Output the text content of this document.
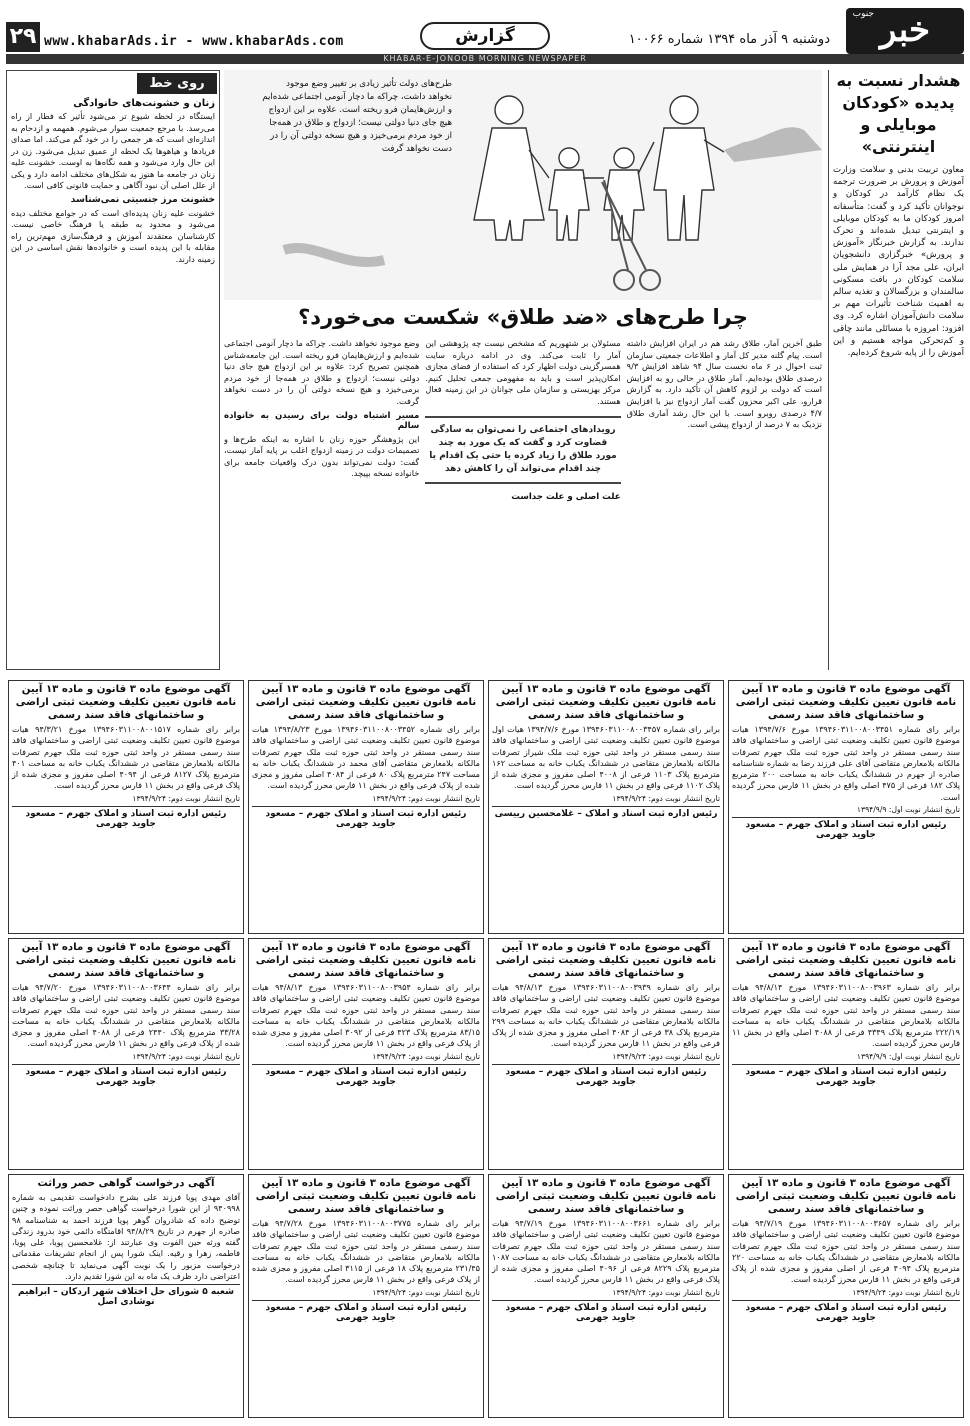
۲۹ www.khabarAds.ir - www.khabarAds.com	گزارش	دوشنبه ۹ آذر ماه ۱۳۹۴ شماره ۱۰۰۶۶	خبر
جنوب
KHABAR-E-JONOOB MORNING NEWSPAPER
هشدار نسبت به پدیده «کودکان موبایلی و اینترنتی»

معاون تربیت بدنی و سلامت وزارت آموزش و پرورش بر ضرورت ترجمه یک نظام کارآمد در کودکان و نوجوانان تأکید کرد و گفت: متأسفانه امروز کودکان ما به کودکان موبایلی و اینترنتی تبدیل شده‌اند و تحرک ندارند. به گزارش خبرنگار «آموزش و پرورش» خبرگزاری دانشجویان ایران، علی مجد آرا در همایش ملی سلامت کودکان در بافت مسکونی سالمندان و بزرگسالان و تغذیه سالم به اهمیت شناخت تأثیرات مهم بر سلامت دانش‌آموزان اشاره کرد. وی افزود: امروزه با مسائلی مانند چاقی و کم‌تحرکی مواجه هستیم و این آموزش را از پایه شروع کرده‌ایم.

طرح‌های دولت تأثیر زیادی بر تغییر وضع موجود نخواهد داشت، چراکه ما دچار آنومی اجتماعی شده‌ایم و ارزش‌هایمان فرو ریخته است. علاوه بر این ازدواج هیچ جای دنیا دولتی نیست؛ ازدواج و طلاق در همه‌جا از خود مردم برمی‌خیزد و هیچ نسخه دولتی آن را در دست نخواهد گرفت
چرا طرح‌های «ضد طلاق» شکست می‌خورد؟

طبق آخرین آمار، طلاق رشد هم در ایران افزایش داشته است. پیام گلنه مدیر کل آمار و اطلاعات جمعیتی سازمان ثبت احوال در ۶ ماه نخست سال ۹۴ شاهد افزایش ۹/۳ درصدی طلاق بوده‌ایم. آمار طلاق در حالی رو به افزایش است که دولت بر لزوم کاهش آن تأکید دارد. به گزارش قرارو، علی اکبر محزون گفت آمار ازدواج نیز با افزایش ۴/۷ درصدی روبرو است. با این حال رشد آماری طلاق نزدیک به ۷ درصد از ازدواج پیشی است.

مسئولان بر شتهوریم که مشخص نیست چه پژوهشی این آمار را ثابت می‌کند. وی در ادامه درباره سایت همسرگزینی دولت اظهار کرد که استفاده از فضای مجازی امکان‌پذیر است و باید به مفهومی جمعی تحلیل کنیم. مرکز بهزیستی و سازمان ملی جوانان در این زمینه فعال هستند.

رویدادهای اجتماعی را نمی‌توان به سادگی قضاوت کرد و گفت که یک مورد به چند مورد طلاق را زیاد کرده یا حتی یک اقدام یا چند اقدام می‌تواند آن را کاهش دهد
علت اصلی و علت جداست

وضع موجود نخواهد داشت. چراکه ما دچار آنومی اجتماعی شده‌ایم و ارزش‌هایمان فرو ریخته است. این جامعه‌شناس همچنین تصریح کرد: علاوه بر این ازدواج هیچ جای دنیا دولتی نیست؛ ازدواج و طلاق در همه‌جا از خود مردم برمی‌خیزد و هیچ نسخه دولتی آن را در دست نخواهد گرفت.

مسیر اشتباه دولت برای رسیدن به خانواده سالم

این پژوهشگر حوزه زنان با اشاره به اینکه طرح‌ها و تصمیمات دولت در زمینه ازدواج اغلب بر پایه آمار نیست، گفت: دولت نمی‌تواند بدون درک واقعیات جامعه برای خانواده نسخه بپیچد.

روی خط
زنان و خشونت‌های خانوادگی

ایستگاه در لحظه شیوع تر می‌شود تأثیر که فطار از راه می‌رسد. با مرجع جمعیت سوار می‌شوم. همهمه و ازدحام به اندازه‌ای است که هر جمعی را در خود گم می‌کند. اما صدای فریادها و هیاهوها یک لحظه از عمیق تبدیل می‌شود. زن در این حال وارد می‌شود و همه نگاه‌ها به اوست. خشونت علیه زنان در جامعه ما هنوز به شکل‌های مختلف ادامه دارد و یکی از علل اصلی آن نبود آگاهی و حمایت قانونی کافی است.

خشونت مرز جنسیتی نمی‌شناسد

خشونت علیه زنان پدیده‌ای است که در جوامع مختلف دیده می‌شود و محدود به طبقه یا فرهنگ خاصی نیست. کارشناسان معتقدند آموزش و فرهنگ‌سازی مهم‌ترین راه مقابله با این پدیده است و خانواده‌ها نقش اساسی در این زمینه دارند.

آگهی موضوع ماده ۳ قانون و ماده ۱۳ آیین نامه قانون تعیین تکلیف وضعیت ثبتی اراضی و ساختمانهای فاقد سند رسمی
برابر رای شماره ۱۳۹۴۶۰۳۱۱۰۰۸۰۰۳۴۵۱ مورخ ۱۳۹۴/۷/۶ هیات موضوع قانون تعیین تکلیف وضعیت ثبتی اراضی و ساختمانهای فاقد سند رسمی مستقر در واحد ثبتی حوزه ثبت ملک جهرم تصرفات مالکانه بلامعارض متقاضی آقای علی فرزند رضا به شماره شناسنامه صادره از جهرم در ششدانگ یکباب خانه به مساحت ۲۰۰ مترمربع پلاک ۱۸۲ فرعی از ۴۷۵ اصلی واقع در بخش ۱۱ فارس محرز گردیده است.
تاریخ انتشار نوبت اول: ۱۳۹۴/۹/۹
رئیس اداره ثبت اسناد و املاک جهرم – مسعود جاوید جهرمی
آگهی موضوع ماده ۳ قانون و ماده ۱۳ آیین نامه قانون تعیین تکلیف وضعیت ثبتی اراضی و ساختمانهای فاقد سند رسمی
برابر رای شماره ۱۳۹۴۶۰۳۱۱۰۰۸۰۰۳۴۵۷ مورخ ۱۳۹۴/۷/۶ هیات اول موضوع قانون تعیین تکلیف وضعیت ثبتی اراضی و ساختمانهای فاقد سند رسمی مستقر در واحد ثبتی حوزه ثبت ملک شیراز تصرفات مالکانه بلامعارض متقاضی در ششدانگ یکباب خانه به مساحت ۱۶۲ مترمربع پلاک ۱۱۰۳ فرعی از ۴۰۰۸ اصلی مفروز و مجزی شده از پلاک ۱۱۰۲ فرعی واقع در بخش ۱۱ فارس محرز گردیده است.
تاریخ انتشار نوبت دوم: ۱۳۹۴/۹/۲۴
رئیس اداره ثبت اسناد و املاک – غلامحسین رییسی
آگهی موضوع ماده ۳ قانون و ماده ۱۳ آیین نامه قانون تعیین تکلیف وضعیت ثبتی اراضی و ساختمانهای فاقد سند رسمی
برابر رای شماره ۱۳۹۴۶۰۳۱۱۰۰۸۰۰۳۴۵۲ مورخ ۱۳۹۴/۸/۲۳ هیات موضوع قانون تعیین تکلیف وضعیت ثبتی اراضی و ساختمانهای فاقد سند رسمی مستقر در واحد ثبتی حوزه ثبت ملک جهرم تصرفات مالکانه بلامعارض متقاضی آقای محمد در ششدانگ یکباب خانه به مساحت ۲۴۷ مترمربع پلاک ۸۰ فرعی از ۴۰۸۴ اصلی مفروز و مجزی شده از پلاک فرعی واقع در بخش ۱۱ فارس محرز گردیده است.
تاریخ انتشار نوبت دوم: ۱۳۹۴/۹/۲۴
رئیس اداره ثبت اسناد و املاک جهرم – مسعود جاوید جهرمی
آگهی موضوع ماده ۳ قانون و ماده ۱۳ آیین نامه قانون تعیین تکلیف وضعیت ثبتی اراضی و ساختمانهای فاقد سند رسمی
برابر رای شماره ۱۳۹۴۶۰۳۱۱۰۰۸۰۰۱۵۱۷ مورخ ۹۴/۳/۲۱ هیات موضوع قانون تعیین تکلیف وضعیت ثبتی اراضی و ساختمانهای فاقد سند رسمی مستقر در واحد ثبتی حوزه ثبت ملک جهرم تصرفات مالکانه بلامعارض متقاضی در ششدانگ یکباب خانه به مساحت ۴۰۱ مترمربع پلاک ۸۱۲۷ فرعی از ۴۰۹۴ اصلی مفروز و مجزی شده از پلاک فرعی واقع در بخش ۱۱ فارس محرز گردیده است.
تاریخ انتشار نوبت دوم: ۱۳۹۴/۹/۲۴
رئیس اداره ثبت اسناد و املاک جهرم – مسعود جاوید جهرمی
آگهی موضوع ماده ۳ قانون و ماده ۱۳ آیین نامه قانون تعیین تکلیف وضعیت ثبتی اراضی و ساختمانهای فاقد سند رسمی
برابر رای شماره ۱۳۹۴۶۰۳۱۱۰۰۸۰۰۳۹۶۳ مورخ ۹۴/۸/۱۴ هیات موضوع قانون تعیین تکلیف وضعیت ثبتی اراضی و ساختمانهای فاقد سند رسمی مستقر در واحد ثبتی حوزه ثبت ملک جهرم تصرفات مالکانه بلامعارض متقاضی در ششدانگ یکباب خانه به مساحت ۲۲۲/۱۹ مترمربع پلاک ۴۳۴۹ فرعی از ۴۰۸۸ اصلی واقع در بخش ۱۱ فارس محرز گردیده است.
تاریخ انتشار نوبت اول: ۱۳۹۴/۹/۹
رئیس اداره ثبت اسناد و املاک جهرم – مسعود جاوید جهرمی
آگهی موضوع ماده ۳ قانون و ماده ۱۳ آیین نامه قانون تعیین تکلیف وضعیت ثبتی اراضی و ساختمانهای فاقد سند رسمی
برابر رای شماره ۱۳۹۴۶۰۳۱۱۰۰۸۰۰۳۹۳۹ مورخ ۹۴/۸/۱۳ هیات موضوع قانون تعیین تکلیف وضعیت ثبتی اراضی و ساختمانهای فاقد سند رسمی مستقر در واحد ثبتی حوزه ثبت ملک جهرم تصرفات مالکانه بلامعارض متقاضی در ششدانگ یکباب خانه به مساحت ۲۹۹ مترمربع پلاک ۳۸ فرعی از ۴۰۸۴ اصلی مفروز و مجزی شده از پلاک فرعی واقع در بخش ۱۱ فارس محرز گردیده است.
تاریخ انتشار نوبت دوم: ۱۳۹۴/۹/۲۴
رئیس اداره ثبت اسناد و املاک جهرم – مسعود جاوید جهرمی
آگهی موضوع ماده ۳ قانون و ماده ۱۳ آیین نامه قانون تعیین تکلیف وضعیت ثبتی اراضی و ساختمانهای فاقد سند رسمی
برابر رای شماره ۱۳۹۴۶۰۳۱۱۰۰۸۰۰۳۹۵۴ مورخ ۹۴/۸/۱۳ هیات موضوع قانون تعیین تکلیف وضعیت ثبتی اراضی و ساختمانهای فاقد سند رسمی مستقر در واحد ثبتی حوزه ثبت ملک جهرم تصرفات مالکانه بلامعارض متقاضی در ششدانگ یکباب خانه به مساحت ۸۳/۱۵ مترمربع پلاک ۴۲۳ فرعی از ۳۰۹۲ اصلی مفروز و مجزی شده از پلاک فرعی واقع در بخش ۱۱ فارس محرز گردیده است.
تاریخ انتشار نوبت دوم: ۱۳۹۴/۹/۲۴
رئیس اداره ثبت اسناد و املاک جهرم – مسعود جاوید جهرمی
آگهی موضوع ماده ۳ قانون و ماده ۱۳ آیین نامه قانون تعیین تکلیف وضعیت ثبتی اراضی و ساختمانهای فاقد سند رسمی
برابر رای شماره ۱۳۹۴۶۰۳۱۱۰۰۸۰۰۳۶۴۴ مورخ ۹۴/۷/۲۰ هیات موضوع قانون تعیین تکلیف وضعیت ثبتی اراضی و ساختمانهای فاقد سند رسمی مستقر در واحد ثبتی حوزه ثبت ملک جهرم تصرفات مالکانه بلامعارض متقاضی در ششدانگ یکباب خانه به مساحت ۳۳/۲۸ مترمربع پلاک ۲۴۴۰ فرعی از ۴۰۸۸ اصلی مفروز و مجزی شده از پلاک فرعی واقع در بخش ۱۱ فارس محرز گردیده است.
تاریخ انتشار نوبت دوم: ۱۳۹۴/۹/۲۴
رئیس اداره ثبت اسناد و املاک جهرم – مسعود جاوید جهرمی
آگهی موضوع ماده ۳ قانون و ماده ۱۳ آیین نامه قانون تعیین تکلیف وضعیت ثبتی اراضی و ساختمانهای فاقد سند رسمی
برابر رای شماره ۱۳۹۴۶۰۳۱۱۰۰۸۰۰۳۶۵۷ مورخ ۹۴/۷/۱۹ هیات موضوع قانون تعیین تکلیف وضعیت ثبتی اراضی و ساختمانهای فاقد سند رسمی مستقر در واحد ثبتی حوزه ثبت ملک جهرم تصرفات مالکانه بلامعارض متقاضی در ششدانگ یکباب خانه به مساحت ۲۲۰ مترمربع پلاک ۴۰۹۴ فرعی از اصلی مفروز و مجزی شده از پلاک فرعی واقع در بخش ۱۱ فارس محرز گردیده است.
تاریخ انتشار نوبت دوم: ۱۳۹۴/۹/۲۴
رئیس اداره ثبت اسناد و املاک جهرم – مسعود جاوید جهرمی
آگهی موضوع ماده ۳ قانون و ماده ۱۳ آیین نامه قانون تعیین تکلیف وضعیت ثبتی اراضی و ساختمانهای فاقد سند رسمی
برابر رای شماره ۱۳۹۴۶۰۳۱۱۰۰۸۰۰۳۶۶۱ مورخ ۹۴/۷/۱۹ هیات موضوع قانون تعیین تکلیف وضعیت ثبتی اراضی و ساختمانهای فاقد سند رسمی مستقر در واحد ثبتی حوزه ثبت ملک جهرم تصرفات مالکانه بلامعارض متقاضی در ششدانگ یکباب خانه به مساحت ۱۰۸۷ مترمربع پلاک ۸۲۲۹ فرعی از ۴۰۹۶ اصلی مفروز و مجزی شده از پلاک فرعی واقع در بخش ۱۱ فارس محرز گردیده است.
تاریخ انتشار نوبت دوم: ۱۳۹۴/۹/۲۴
رئیس اداره ثبت اسناد و املاک جهرم – مسعود جاوید جهرمی
آگهی موضوع ماده ۳ قانون و ماده ۱۳ آیین نامه قانون تعیین تکلیف وضعیت ثبتی اراضی و ساختمانهای فاقد سند رسمی
برابر رای شماره ۱۳۹۴۶۰۳۱۱۰۰۸۰۰۳۷۷۵ مورخ ۹۴/۷/۲۸ هیات موضوع قانون تعیین تکلیف وضعیت ثبتی اراضی و ساختمانهای فاقد سند رسمی مستقر در واحد ثبتی حوزه ثبت ملک جهرم تصرفات مالکانه بلامعارض متقاضی در ششدانگ یکباب خانه به مساحت ۲۳۱/۴۵ مترمربع پلاک ۱۸ فرعی از ۳۱۱۵ اصلی مفروز و مجزی شده از پلاک فرعی واقع در بخش ۱۱ فارس محرز گردیده است.
تاریخ انتشار نوبت دوم: ۱۳۹۴/۹/۲۴
رئیس اداره ثبت اسناد و املاک جهرم – مسعود جاوید جهرمی
آگهی درخواست گواهی حصر وراثت
آقای مهدی پویا فرزند علی بشرح دادخواست تقدیمی به شماره ۹۴۰۹۹۸ از این شورا درخواست گواهی حصر وراثت نموده و چنین توضیح داده که شادروان گوهر پویا فرزند احمد به شناسنامه ۹۸ صادره از جهرم در تاریخ ۹۴/۸/۲۹ اقامتگاه دائمی خود بدرود زندگی گفته ورثه حین الفوت وی عبارتند از: غلامحسین پویا، علی پویا، فاطمه، زهرا و رقیه. اینک شورا پس از انجام تشریفات مقدماتی درخواست مزبور را یک نوبت آگهی می‌نماید تا چنانچه شخصی اعتراضی دارد ظرف یک ماه به این شورا تقدیم دارد.
شعبه ۵ شورای حل اختلاف شهر اردکان – ابراهیم نوشادی اصل
